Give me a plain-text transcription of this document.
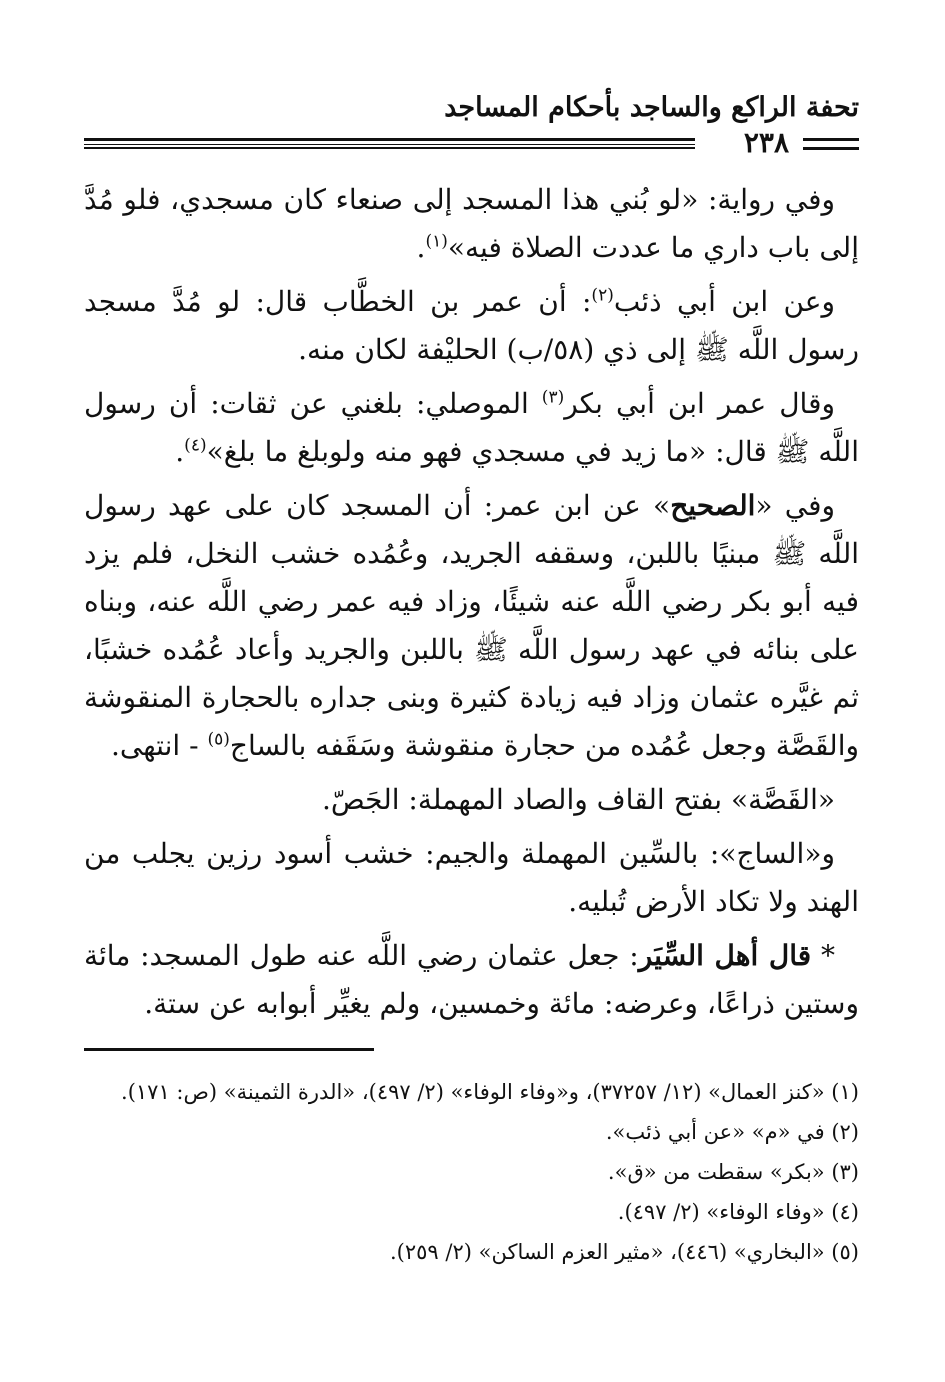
تحفة الراكع والساجد بأحكام المساجد
٢٣٨

وفي رواية: «لو بُني هذا المسجد إلى صنعاء كان مسجدي، فلو مُدَّ إلى باب داري ما عددت الصلاة فيه»$^{(١)}$.

وعن ابن أبي ذئب$^{(٢)}$: أن عمر بن الخطَّاب قال: لو مُدَّ مسجد رسول اللَّه ﷺ إلى ذي (٥٨/ب) الحليْفة لكان منه.

وقال عمر ابن أبي بكر$^{(٣)}$ الموصلي: بلغني عن ثقات: أن رسول اللَّه ﷺ قال: «ما زيد في مسجدي فهو منه ولوبلغ ما بلغ»$^{(٤)}$.

وفي «الصحيح» عن ابن عمر: أن المسجد كان على عهد رسول اللَّه ﷺ مبنيًا باللبن، وسقفه الجريد، وعُمُده خشب النخل، فلم يزد فيه أبو بكر رضي اللَّه عنه شيئًا، وزاد فيه عمر رضي اللَّه عنه، وبناه على بنائه في عهد رسول اللَّه ﷺ باللبن والجريد وأعاد عُمُده خشبًا، ثم غيَّره عثمان وزاد فيه زيادة كثيرة وبنى جداره بالحجارة المنقوشة والقَصَّة وجعل عُمُده من حجارة منقوشة وسَقَفه بالساج$^{(٥)}$ - انتهى.

«القَصَّة» بفتح القاف والصاد المهملة: الجَصّ.

و«الساج»: بالسِّين المهملة والجيم: خشب أسود رزين يجلب من الهند ولا تكاد الأرض تُبليه.

* قال أهل السِّيَر: جعل عثمان رضي اللَّه عنه طول المسجد: مائة وستين ذراعًا، وعرضه: مائة وخمسين، ولم يغيِّر أبوابه عن ستة.

(١) «كنز العمال» (١٢/ ٣٧٢٥٧)، و«وفاء الوفاء» (٢/ ٤٩٧)، «الدرة الثمينة» (ص: ١٧١).

(٢) في «م» «عن أبي ذئب».

(٣) «بكر» سقطت من «ق».

(٤) «وفاء الوفاء» (٢/ ٤٩٧).

(٥) «البخاري» (٤٤٦)، «مثير العزم الساكن» (٢/ ٢٥٩).
